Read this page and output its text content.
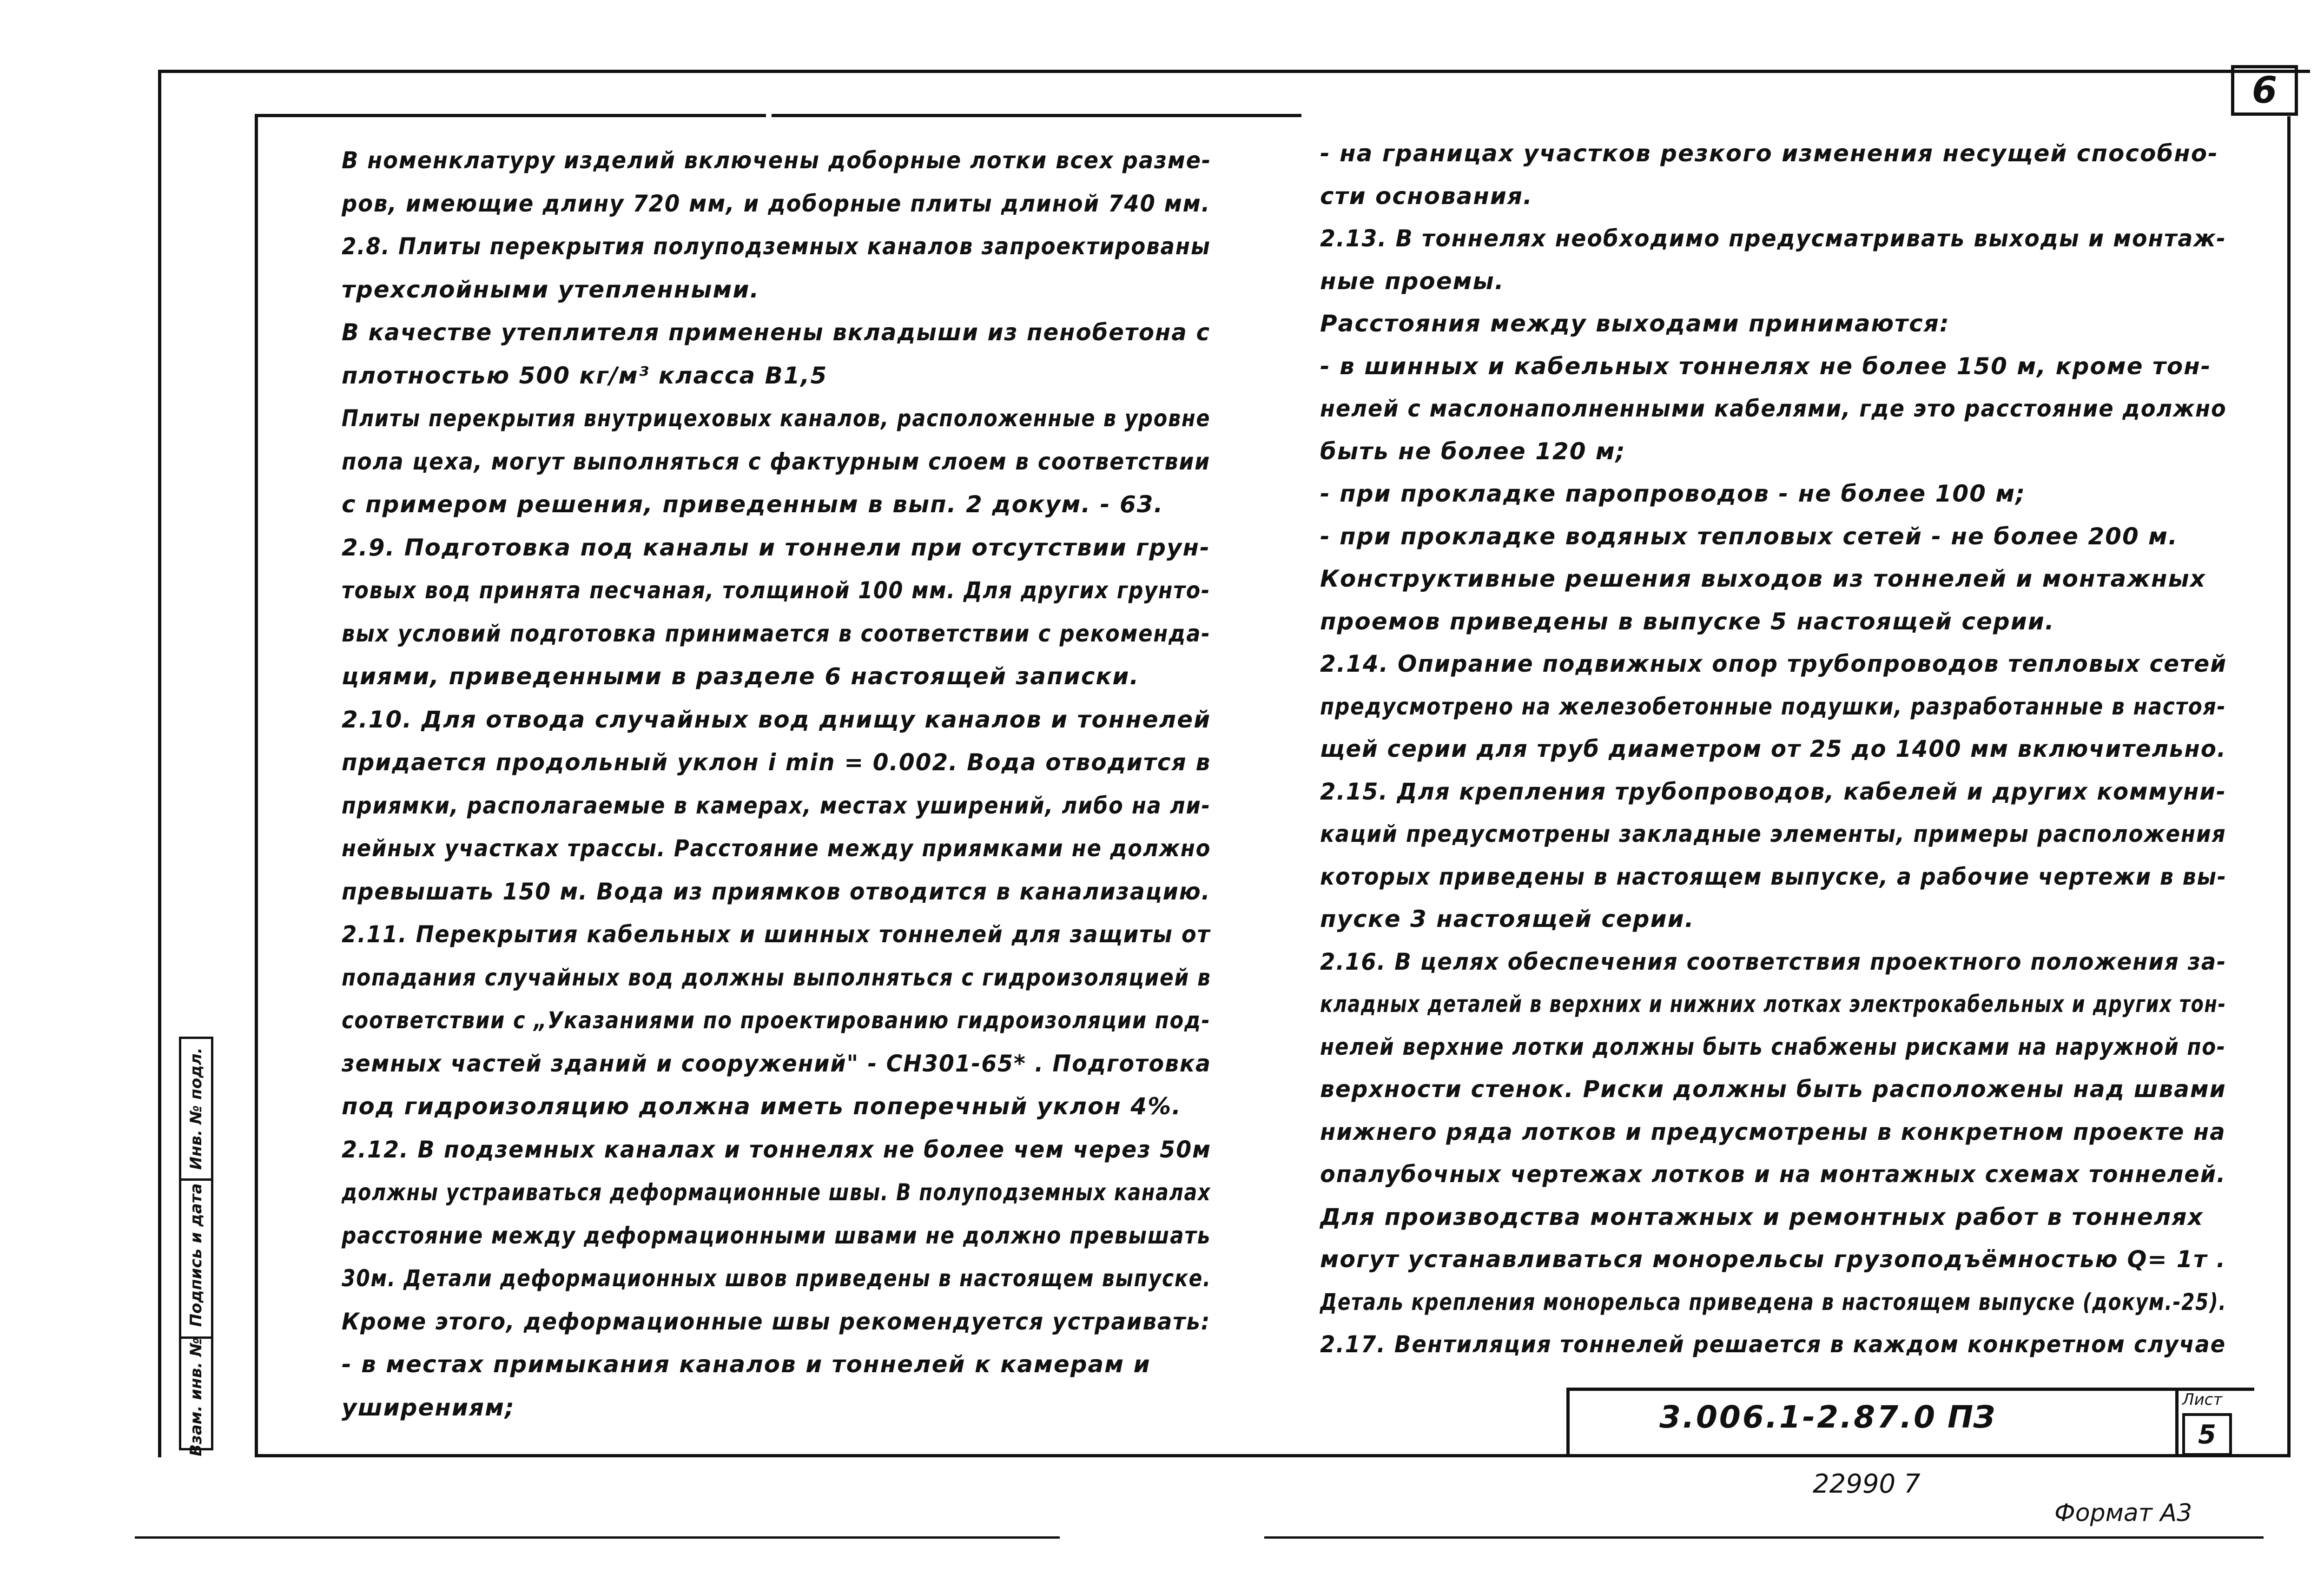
6
В номенклатуру изделий включены доборные лотки всех разме-
ров, имеющие длину 720 мм, и доборные плиты длиной 740 мм.
2.8. Плиты перекрытия полуподземных каналов запроектированы
трехслойными утепленными.
В качестве утеплителя применены вкладыши из пенобетона с
плотностью 500 кг/м³ класса В1,5
Плиты перекрытия внутрицеховых каналов, расположенные в уровне
пола цеха, могут выполняться с фактурным слоем в соответствии
с примером решения, приведенным в вып. 2 докум. - 63.
2.9. Подготовка под каналы и тоннели при отсутствии грун-
товых вод принята песчаная, толщиной 100 мм. Для других грунто-
вых условий подготовка принимается в соответствии с рекоменда-
циями, приведенными в разделе 6 настоящей записки.
2.10. Для отвода случайных вод днищу каналов и тоннелей
придается продольный уклон i min = 0.002. Вода отводится в
приямки, располагаемые в камерах, местах уширений, либо на ли-
нейных участках трассы. Расстояние между приямками не должно
превышать 150 м. Вода из приямков отводится в канализацию.
2.11. Перекрытия кабельных и шинных тоннелей для защиты от
попадания случайных вод должны выполняться с гидроизоляцией в
соответствии с „Указаниями по проектированию гидроизоляции под-
земных частей зданий и сооружений" - СН301-65* . Подготовка
под гидроизоляцию должна иметь поперечный уклон 4%.
2.12. В подземных каналах и тоннелях не более чем через 50м
должны устраиваться деформационные швы. В полуподземных каналах
расстояние между деформационными швами не должно превышать
30м. Детали деформационных швов приведены в настоящем выпуске.
Кроме этого, деформационные швы рекомендуется устраивать:
- в местах примыкания каналов и тоннелей к камерам и
уширениям;
- на границах участков резкого изменения несущей способно-
сти основания.
2.13. В тоннелях необходимо предусматривать выходы и монтаж-
ные проемы.
Расстояния между выходами принимаются:
- в шинных и кабельных тоннелях не более 150 м, кроме тон-
нелей с маслонаполненными кабелями, где это расстояние должно
быть не более 120 м;
- при прокладке паропроводов - не более 100 м;
- при прокладке водяных тепловых сетей - не более 200 м.
Конструктивные решения выходов из тоннелей и монтажных
проемов приведены в выпуске 5 настоящей серии.
2.14. Опирание подвижных опор трубопроводов тепловых сетей
предусмотрено на железобетонные подушки, разработанные в настоя-
щей серии для труб диаметром от 25 до 1400 мм включительно.
2.15. Для крепления трубопроводов, кабелей и других коммуни-
каций предусмотрены закладные элементы, примеры расположения
которых приведены в настоящем выпуске, а рабочие чертежи в вы-
пуске 3 настоящей серии.
2.16. В целях обеспечения соответствия проектного положения за-
кладных деталей в верхних и нижних лотках электрокабельных и других тон-
нелей верхние лотки должны быть снабжены рисками на наружной по-
верхности стенок. Риски должны быть расположены над швами
нижнего ряда лотков и предусмотрены в конкретном проекте на
опалубочных чертежах лотков и на монтажных схемах тоннелей.
Для производства монтажных и ремонтных работ в тоннелях
могут устанавливаться монорельсы грузоподъёмностью Q= 1т .
Деталь крепления монорельса приведена в настоящем выпуске (докум.-25).
2.17. Вентиляция тоннелей решается в каждом конкретном случае
Инв. № подл.
Подпись и дата
Взам. инв. №	3.006.1-2.87.0 ПЗ	Лист
5
22990 7
Формат А3
